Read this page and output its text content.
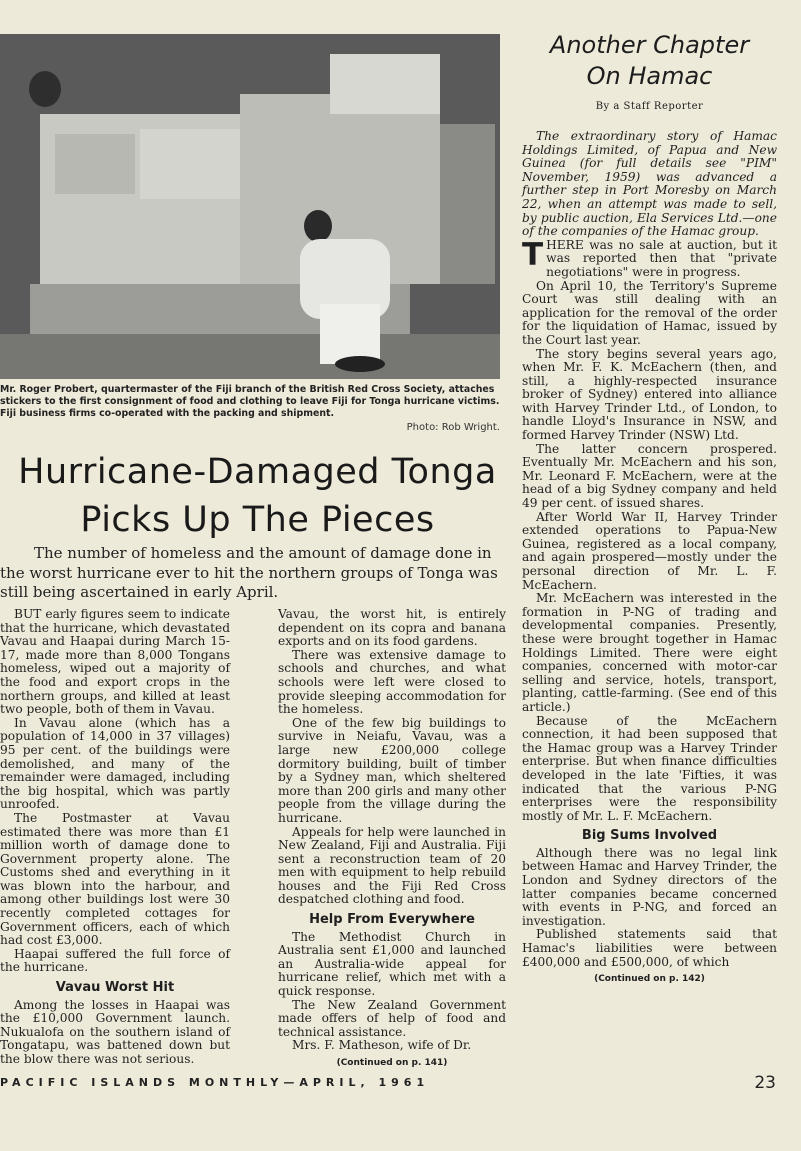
Mr. Roger Probert, quartermaster of the Fiji branch of the British Red Cross Society, attaches stickers to the first consignment of food and clothing to leave Fiji for Tonga hurricane victims. Fiji business firms co-operated with the packing and shipment.
Photo: Rob Wright.
Hurricane-Damaged Tonga
Picks Up The Pieces
The number of homeless and the amount of damage done in the worst hurricane ever to hit the northern groups of Tonga was still being ascertained in early April.

BUT early figures seem to indicate that the hurricane, which devastated Vavau and Haapai during March 15-17, made more than 8,000 Tongans homeless, wiped out a majority of the food and export crops in the northern groups, and killed at least two people, both of them in Vavau.

In Vavau alone (which has a population of 14,000 in 37 villages) 95 per cent. of the buildings were demolished, and many of the remainder were damaged, including the big hospital, which was partly unroofed.

The Postmaster at Vavau estimated there was more than £1 million worth of damage done to Government property alone. The Customs shed and everything in it was blown into the harbour, and among other buildings lost were 30 recently completed cottages for Government officers, each of which had cost £3,000.

Haapai suffered the full force of the hurricane.

Vavau Worst Hit

Among the losses in Haapai was the £10,000 Government launch. Nukualofa on the southern island of Tongatapu, was battened down but the blow there was not serious.

Vavau, the worst hit, is entirely dependent on its copra and banana exports and on its food gardens.

There was extensive damage to schools and churches, and what schools were left were closed to provide sleeping accommodation for the homeless.

One of the few big buildings to survive in Neiafu, Vavau, was a large new £200,000 college dormitory building, built of timber by a Sydney man, which sheltered more than 200 girls and many other people from the village during the hurricane.

Appeals for help were launched in New Zealand, Fiji and Australia. Fiji sent a reconstruction team of 20 men with equipment to help rebuild houses and the Fiji Red Cross despatched clothing and food.

Help From Everywhere

The Methodist Church in Australia sent £1,000 and launched an Australia-wide appeal for hurricane relief, which met with a quick response.

The New Zealand Government made offers of help of food and technical assistance.

Mrs. F. Matheson, wife of Dr.

(Continued on p. 141)
Another Chapter
On Hamac
By a Staff Reporter

The extraordinary story of Hamac Holdings Limited, of Papua and New Guinea (for full details see "PIM" November, 1959) was advanced a further step in Port Moresby on March 22, when an attempt was made to sell, by public auction, Ela Services Ltd.—one of the companies of the Hamac group.

THERE was no sale at auction, but it was reported then that "private negotiations" were in progress.

On April 10, the Territory's Supreme Court was still dealing with an application for the removal of the order for the liquidation of Hamac, issued by the Court last year.

The story begins several years ago, when Mr. F. K. McEachern (then, and still, a highly-respected insurance broker of Sydney) entered into alliance with Harvey Trinder Ltd., of London, to handle Lloyd's Insurance in NSW, and formed Harvey Trinder (NSW) Ltd.

The latter concern prospered. Eventually Mr. McEachern and his son, Mr. Leonard F. McEachern, were at the head of a big Sydney company and held 49 per cent. of issued shares.

After World War II, Harvey Trinder extended operations to Papua-New Guinea, registered as a local company, and again prospered—mostly under the personal direction of Mr. L. F. McEachern.

Mr. McEachern was interested in the formation in P-NG of trading and developmental companies. Presently, these were brought together in Hamac Holdings Limited. There were eight companies, concerned with motor-car selling and service, hotels, transport, planting, cattle-farming. (See end of this article.)

Because of the McEachern connection, it had been supposed that the Hamac group was a Harvey Trinder enterprise. But when finance difficulties developed in the late 'Fifties, it was indicated that the various P-NG enterprises were the responsibility mostly of Mr. L. F. McEachern.

Big Sums Involved

Although there was no legal link between Hamac and Harvey Trinder, the London and Sydney directors of the latter companies became concerned with events in P-NG, and forced an investigation.

Published statements said that Hamac's liabilities were between £400,000 and £500,000, of which

(Continued on p. 142)
PACIFIC ISLANDS MONTHLY—APRIL, 1961	23
